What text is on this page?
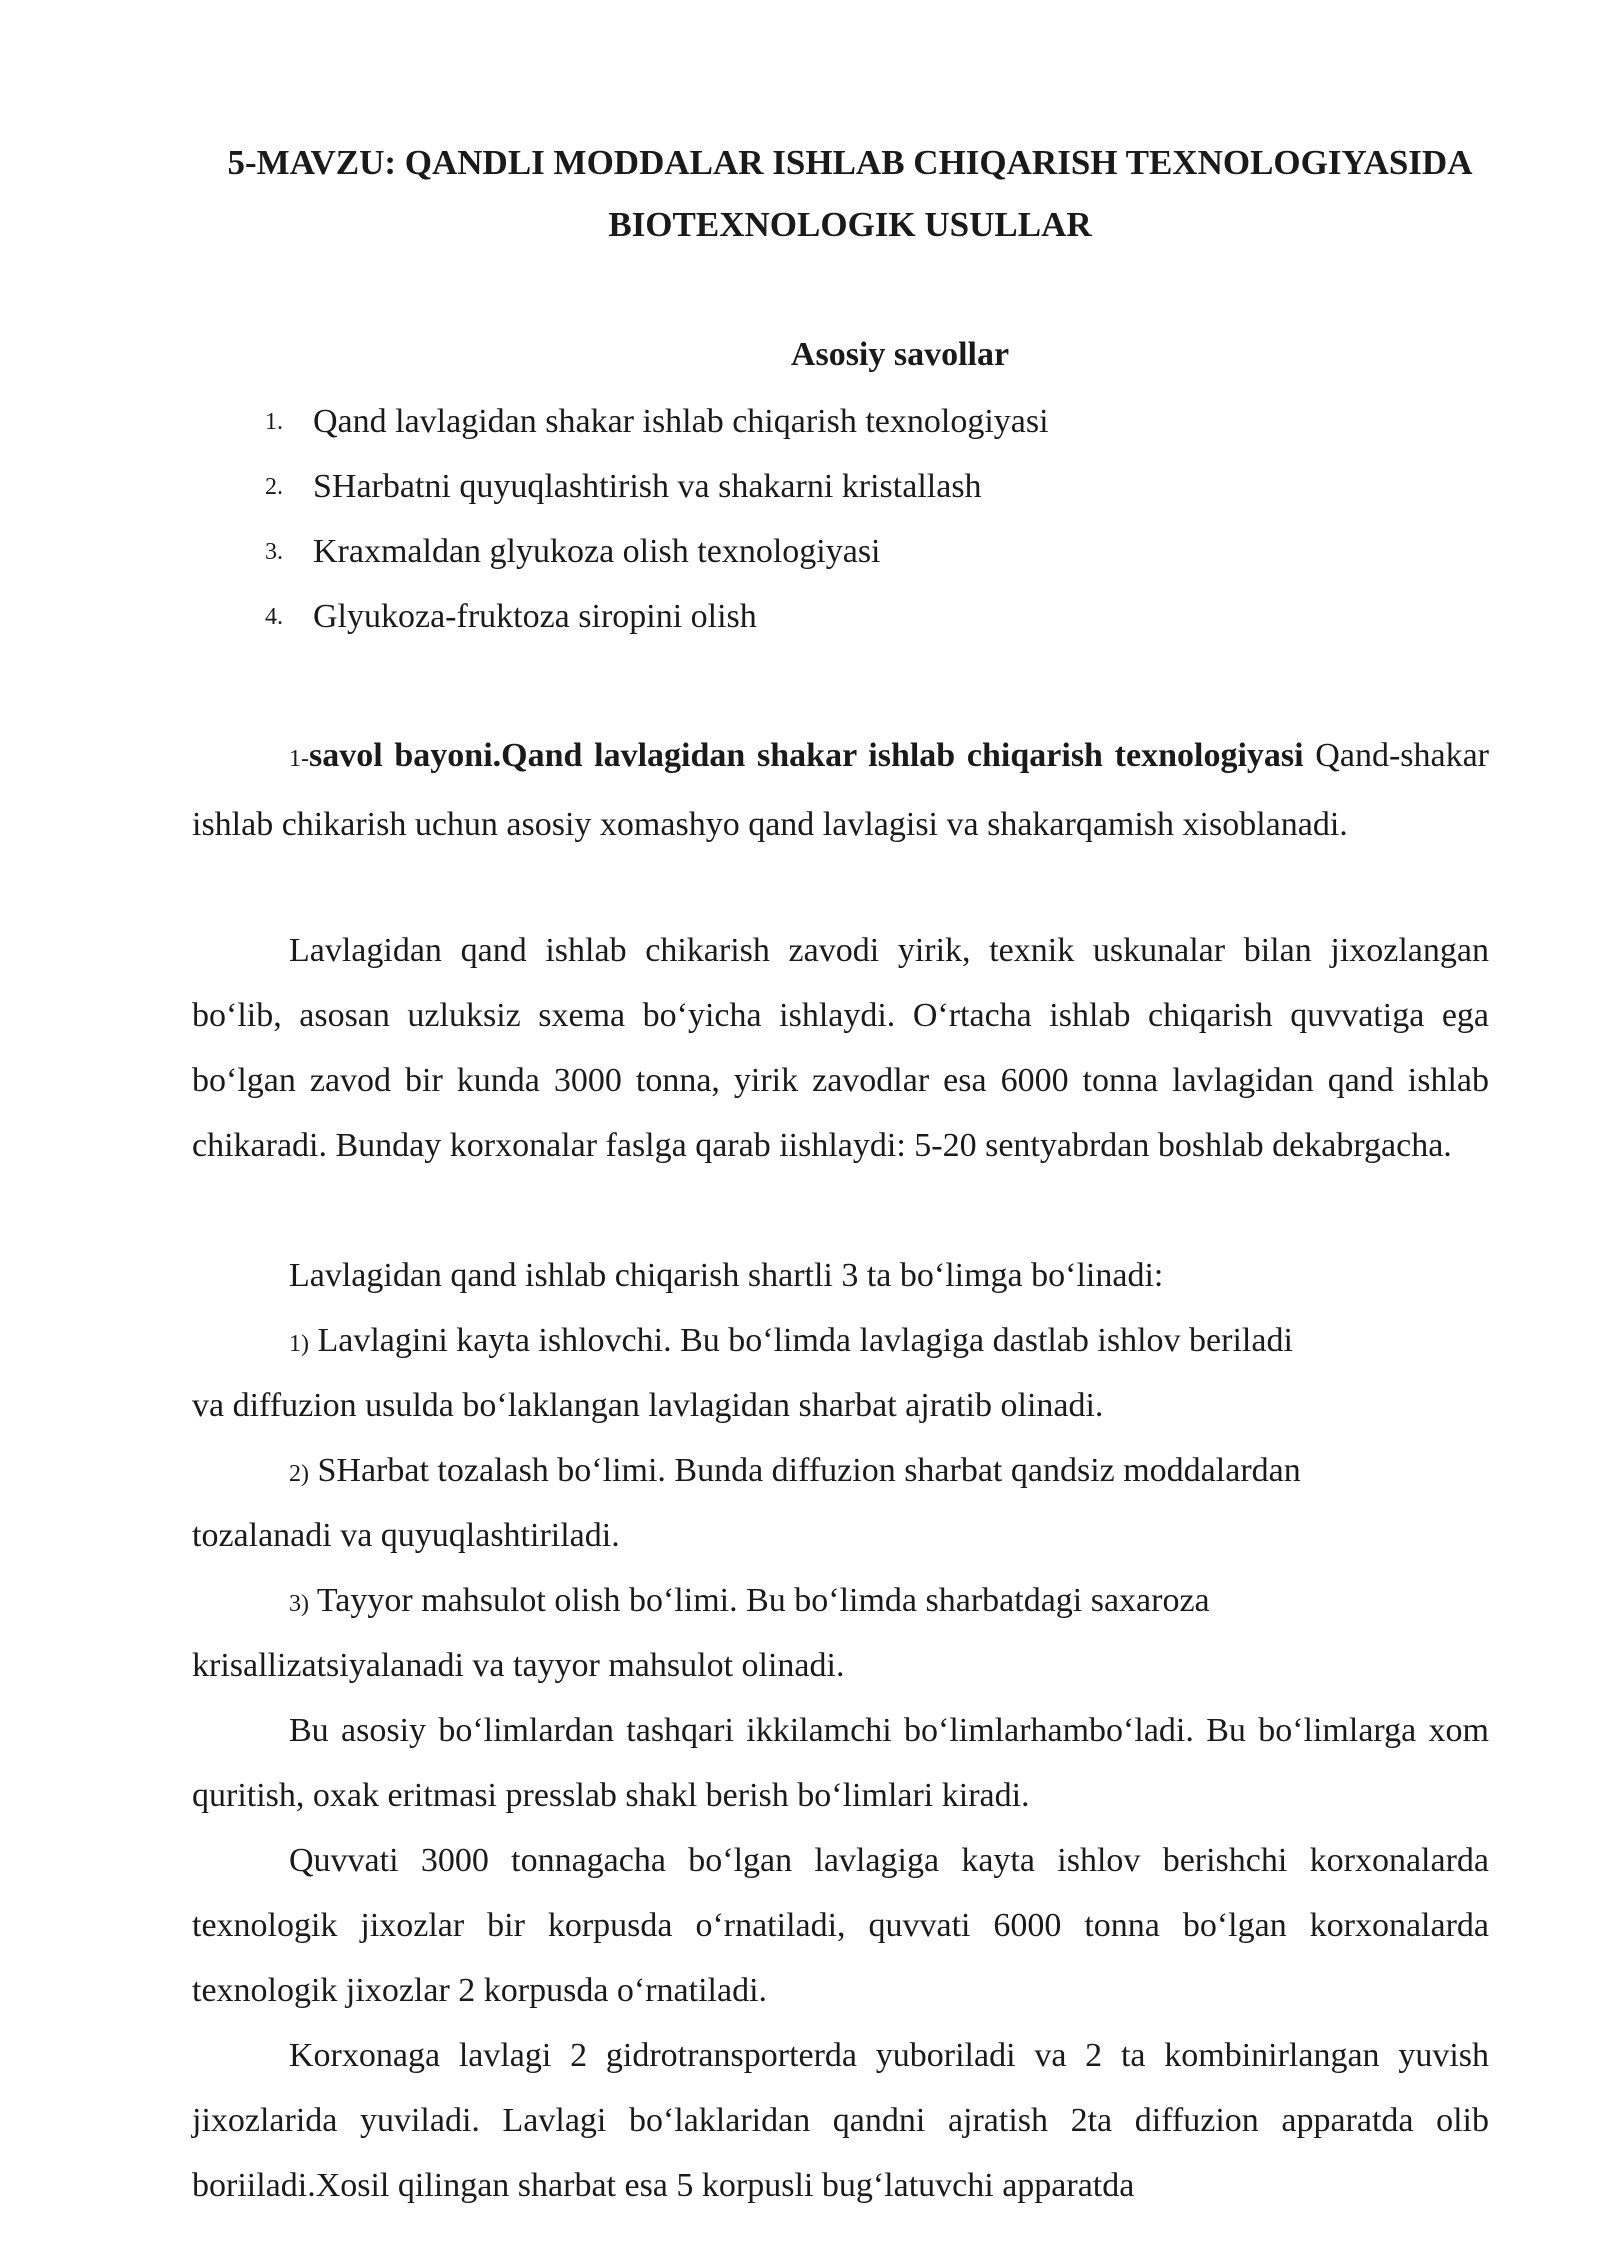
5-MAVZU: QANDLI MODDALAR ISHLAB CHIQARISH TEXNOLOGIYASIDA
BIOTEXNOLOGIK USULLAR
Asosiy savollar
1. Qand lavlagidan shakar ishlab chiqarish texnologiyasi
2. SHarbatni quyuqlashtirish va shakarni kristallash
3. Kraxmaldan glyukoza olish texnologiyasi
4. Glyukoza-fruktoza siropini olish

1-savol bayoni.Qand lavlagidan shakar ishlab chiqarish texnologiyasi Qand-shakar ishlab chikarish uchun asosiy xomashyo qand lavlagisi va shakarqamish xisoblanadi.

Lavlagidan qand ishlab chikarish zavodi yirik, texnik uskunalar bilan jixozlangan bo‘lib, asosan uzluksiz sxema bo‘yicha ishlaydi. O‘rtacha ishlab chiqarish quvvatiga ega bo‘lgan zavod bir kunda 3000 tonna, yirik zavodlar esa 6000 tonna lavlagidan qand ishlab chikaradi. Bunday korxonalar faslga qarab iishlaydi: 5-20 sentyabrdan boshlab dekabrgacha.

Lavlagidan qand ishlab chiqarish shartli 3 ta bo‘limga bo‘linadi:

1) Lavlagini kayta ishlovchi. Bu bo‘limda lavlagiga dastlab ishlov beriladi

va diffuzion usulda bo‘laklangan lavlagidan sharbat ajratib olinadi.

2) SHarbat tozalash bo‘limi. Bunda diffuzion sharbat qandsiz moddalardan

tozalanadi va quyuqlashtiriladi.

3) Tayyor mahsulot olish bo‘limi. Bu bo‘limda sharbatdagi saxaroza

krisallizatsiyalanadi va tayyor mahsulot olinadi.

Bu asosiy bo‘limlardan tashqari ikkilamchi bo‘limlarhambo‘ladi. Bu bo‘limlarga xom quritish, oxak eritmasi presslab shakl berish bo‘limlari kiradi.

Quvvati 3000 tonnagacha bo‘lgan lavlagiga kayta ishlov berishchi korxonalarda texnologik jixozlar bir korpusda o‘rnatiladi, quvvati 6000 tonna bo‘lgan korxonalarda texnologik jixozlar 2 korpusda o‘rnatiladi.

Korxonaga lavlagi 2 gidrotransporterda yuboriladi va 2 ta kombinirlangan yuvish jixozlarida yuviladi. Lavlagi bo‘laklaridan qandni ajratish 2ta diffuzion apparatda olib boriiladi.Xosil qilingan sharbat esa 5 korpusli bug‘latuvchi apparatda
